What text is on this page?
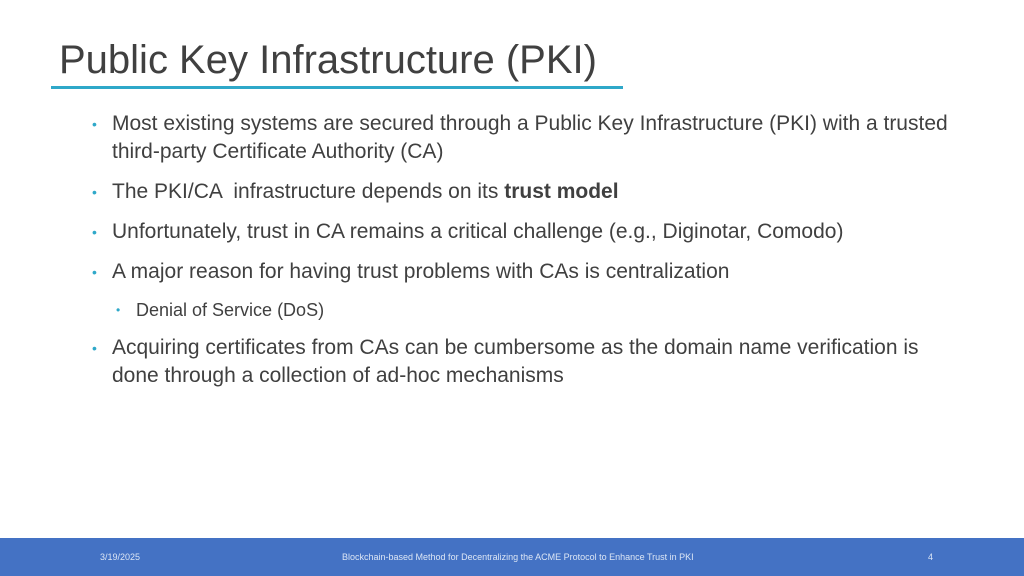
Public Key Infrastructure (PKI)
• Most existing systems are secured through a Public Key Infrastructure (PKI) with a trusted third-party Certificate Authority (CA)
• The PKI/CA  infrastructure depends on its trust model
• Unfortunately, trust in CA remains a critical challenge (e.g., Diginotar, Comodo)
• A major reason for having trust problems with CAs is centralization
• Denial of Service (DoS)
• Acquiring certificates from CAs can be cumbersome as the domain name verification is done through a collection of ad-hoc mechanisms
3/19/2025	Blockchain-based Method for Decentralizing the ACME Protocol to Enhance Trust in PKI	4
